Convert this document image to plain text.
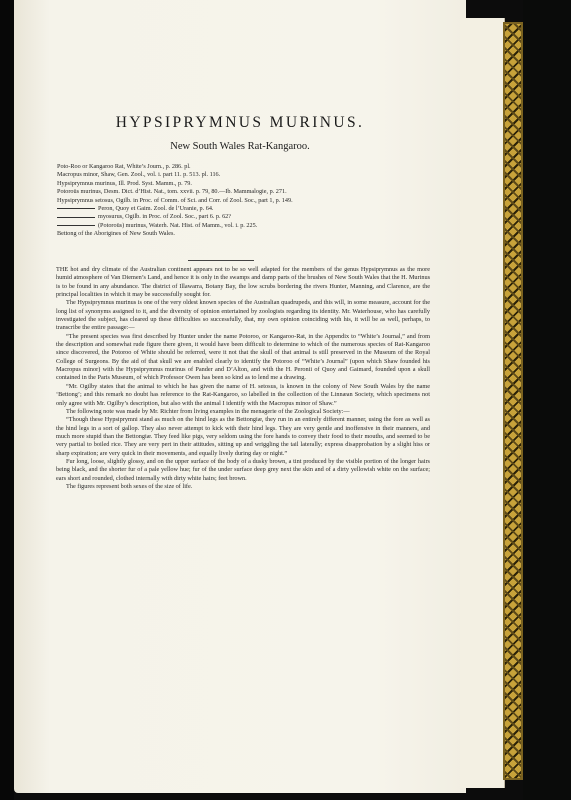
HYPSIPRYMNUS MURINUS.
New South Wales Rat-Kangaroo.
Poto-Roo or Kangaroo Rat, White’s Journ., p. 286. pl.
Macropus minor, Shaw, Gen. Zool., vol. i. part 11. p. 513. pl. 116.
Hypsiprymnus murinus, Ill. Prod. Syst. Mamm., p. 79.
Potoroüs murinus, Desm. Dict. d’Hist. Nat., tom. xxvii. p. 79, 80.—Ib. Mammalogie, p. 271.
Hypsiprymnus setosus, Ogilb. in Proc. of Comm. of Sci. and Corr. of Zool. Soc., part 1, p. 149.
Peron, Quoy et Gaim. Zool. de l’Uranie, p. 64.
myosurus, Ogilb. in Proc. of Zool. Soc., part 6. p. 62?
(Potoroüs) murinus, Waterh. Nat. Hist. of Mamm., vol. i. p. 225.
Bettong of the Aborigines of New South Wales.

THE hot and dry climate of the Australian continent appears not to be so well adapted for the members of the genus Hypsiprymnus as the more humid atmosphere of Van Diemen’s Land, and hence it is only in the swamps and damp parts of the brushes of New South Wales that the H. Murinus is to be found in any abundance. The district of Illawarra, Botany Bay, the low scrubs bordering the rivers Hunter, Manning, and Clarence, are the principal localities in which it may be successfully sought for.

The Hypsiprymnus murinus is one of the very oldest known species of the Australian quadrupeds, and this will, in some measure, account for the long list of synonyms assigned to it, and the diversity of opinion entertained by zoologists regarding its identity. Mr. Waterhouse, who has carefully investigated the subject, has cleared up these difficulties so successfully, that, my own opinion coinciding with his, it will be as well, perhaps, to transcribe the entire passage:—

“The present species was first described by Hunter under the name Potoroo, or Kangaroo-Rat, in the Appendix to “White’s Journal,” and from the description and somewhat rude figure there given, it would have been difficult to determine to which of the numerous species of Rat-Kangaroo since discovered, the Potoroo of White should be referred, were it not that the skull of that animal is still preserved in the Museum of the Royal College of Surgeons. By the aid of that skull we are enabled clearly to identify the Potoroo of “White’s Journal” (upon which Shaw founded his Macropus minor) with the Hypsiprymnus murinus of Pander and D’Alton, and with the H. Peronii of Quoy and Gaimard, founded upon a skull contained in the Paris Museum, of which Professor Owen has been so kind as to lend me a drawing.

“Mr. Ogilby states that the animal to which he has given the name of H. setosus, is known in the colony of New South Wales by the name ‘Bettong’; and this remark no doubt has reference to the Rat-Kangaroo, so labelled in the collection of the Linnæan Society, which specimens not only agree with Mr. Ogilby’s description, but also with the animal I identify with the Macropus minor of Shaw.”

The following note was made by Mr. Richter from living examples in the menagerie of the Zoological Society:—

“Though these Hypsiprymni stand as much on the hind legs as the Bettongiæ, they run in an entirely different manner, using the fore as well as the hind legs in a sort of gallop. They also never attempt to kick with their hind legs. They are very gentle and inoffensive in their manners, and much more stupid than the Bettongiæ. They feed like pigs, very seldom using the fore hands to convey their food to their mouths, and seemed to be very partial to boiled rice. They are very pert in their attitudes, sitting up and wriggling the tail laterally; express disapprobation by a slight hiss or sharp expiration; are very quick in their movements, and equally lively during day or night.”

Fur long, loose, slightly glossy, and on the upper surface of the body of a dusky brown, a tint produced by the visible portion of the longer hairs being black, and the shorter fur of a pale yellow hue; fur of the under surface deep grey next the skin and of a dirty yellowish white on the surface; ears short and rounded, clothed internally with dirty white hairs; feet brown.

The figures represent both sexes of the size of life.
